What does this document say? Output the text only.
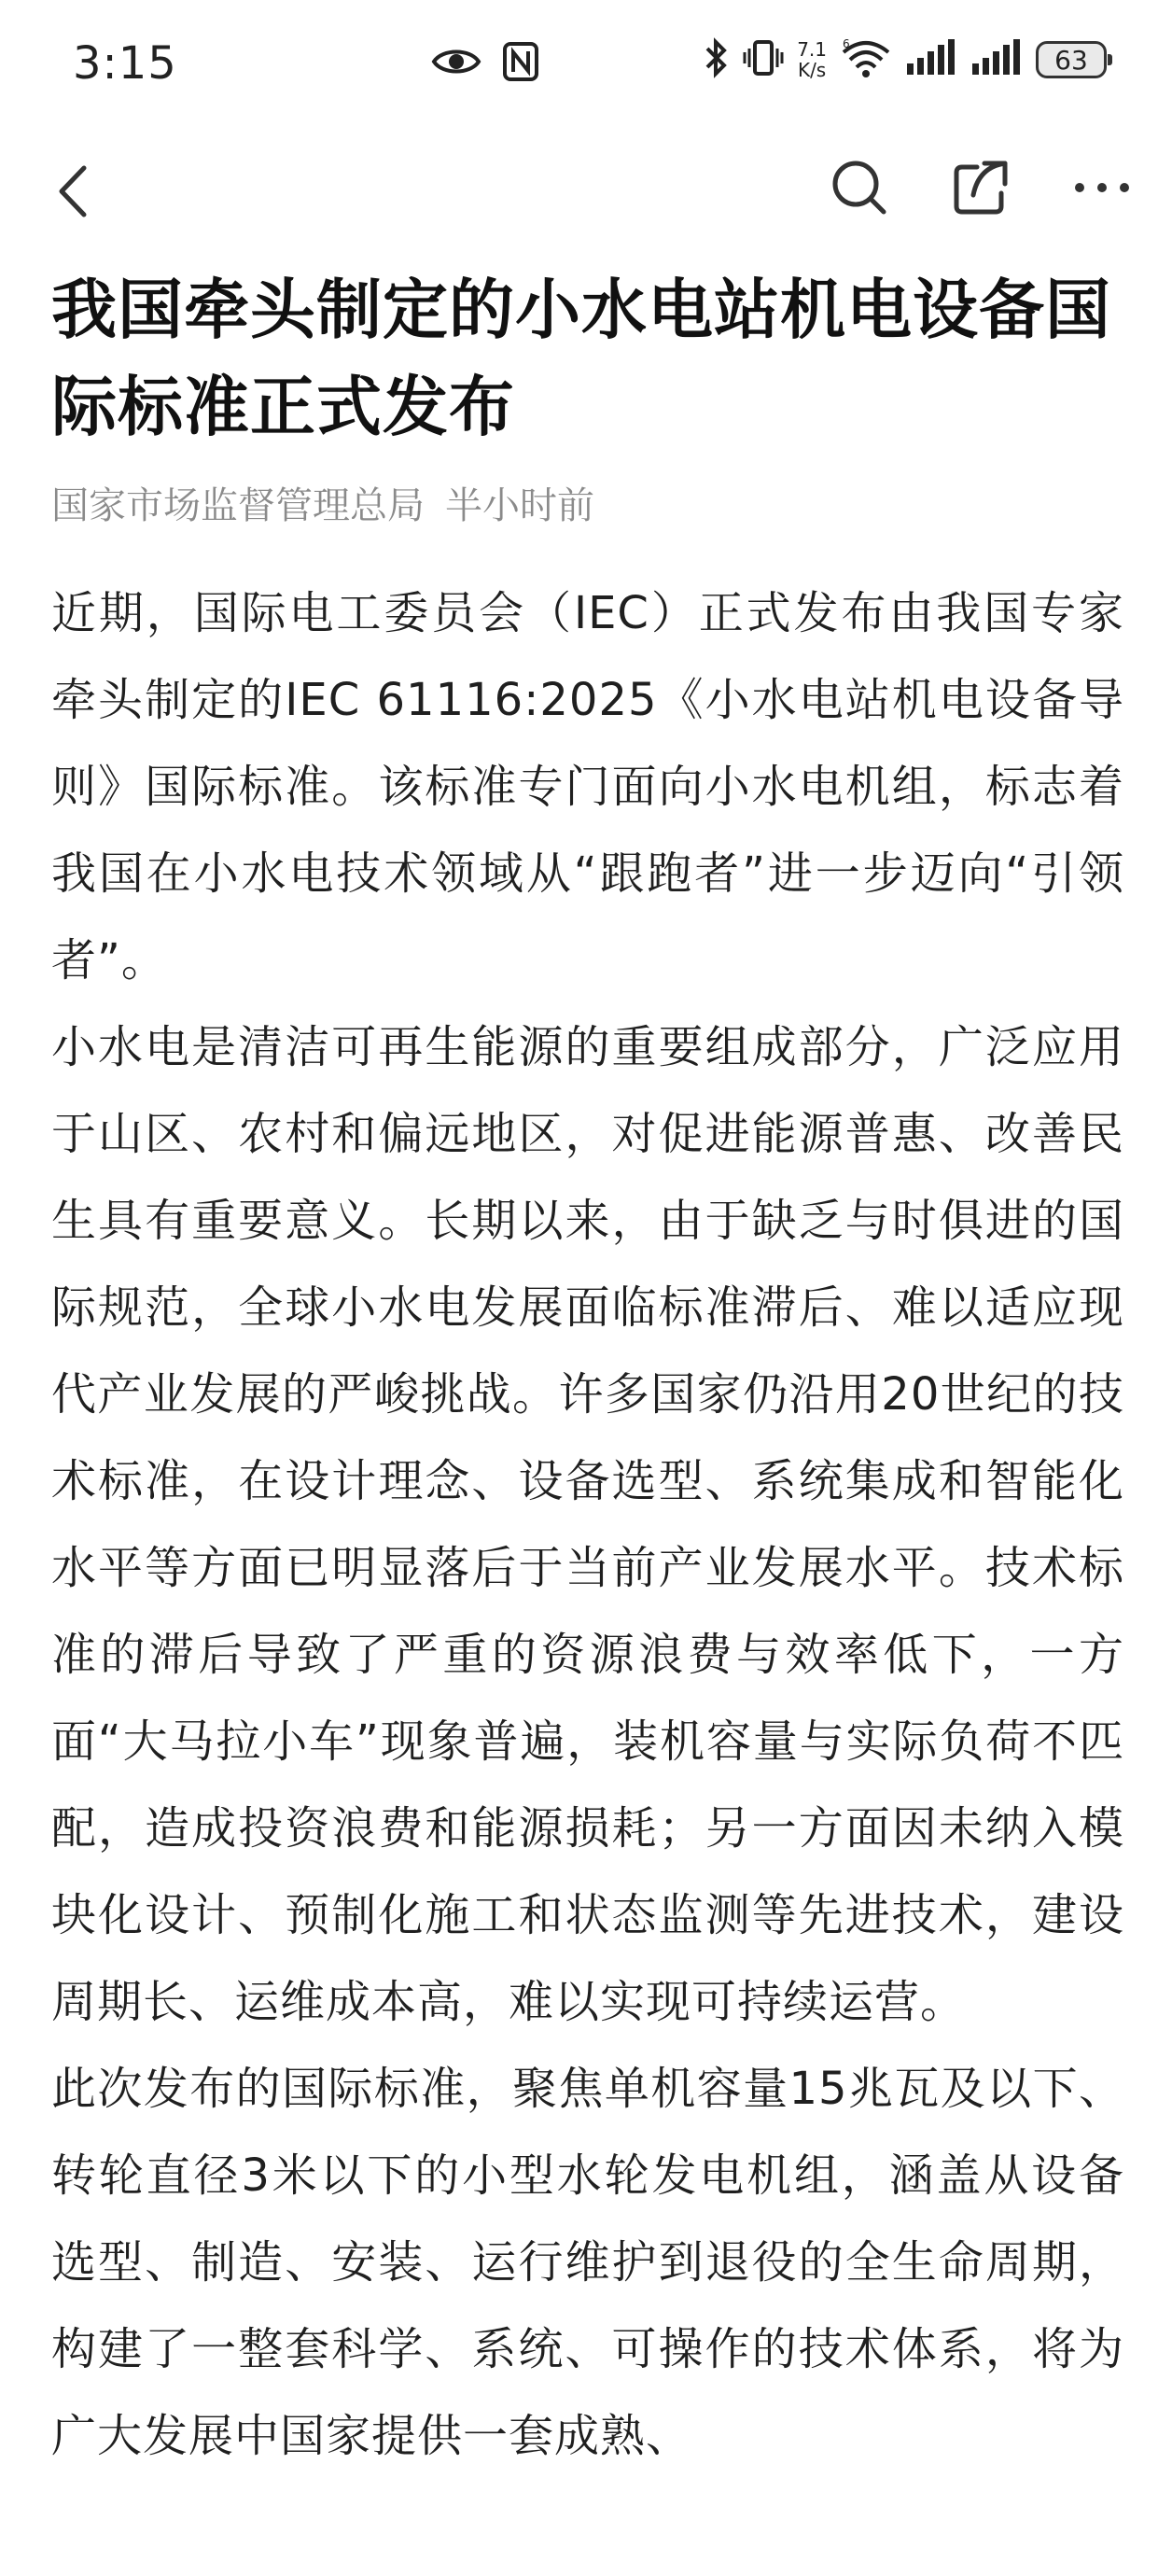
3:15	7.1
K/s
6
63
我国牵头制定的小水电站机电设备国际标准正式发布
国家市场监督管理总局 半小时前

近期，国际电工委员会（IEC）正式发布由我国专家牵头制定的IEC 61116:2025《小水电站机电设备导则》国际标准。该标准专门面向小水电机组，标志着我国在小水电技术领域从“跟跑者”进一步迈向“引领者”。

小水电是清洁可再生能源的重要组成部分，广泛应用于山区、农村和偏远地区，对促进能源普惠、改善民生具有重要意义。长期以来，由于缺乏与时俱进的国际规范，全球小水电发展面临标准滞后、难以适应现代产业发展的严峻挑战。许多国家仍沿用20世纪的技术标准，在设计理念、设备选型、系统集成和智能化水平等方面已明显落后于当前产业发展水平。技术标准的滞后导致了严重的资源浪费与效率低下，一方面“大马拉小车”现象普遍，装机容量与实际负荷不匹配，造成投资浪费和能源损耗；另一方面因未纳入模块化设计、预制化施工和状态监测等先进技术，建设周期长、运维成本高，难以实现可持续运营。

此次发布的国际标准，聚焦单机容量15兆瓦及以下、转轮直径3米以下的小型水轮发电机组，涵盖从设备选型、制造、安装、运行维护到退役的全生命周期，构建了一整套科学、系统、可操作的技术体系，将为广大发展中国家提供一套成熟、
